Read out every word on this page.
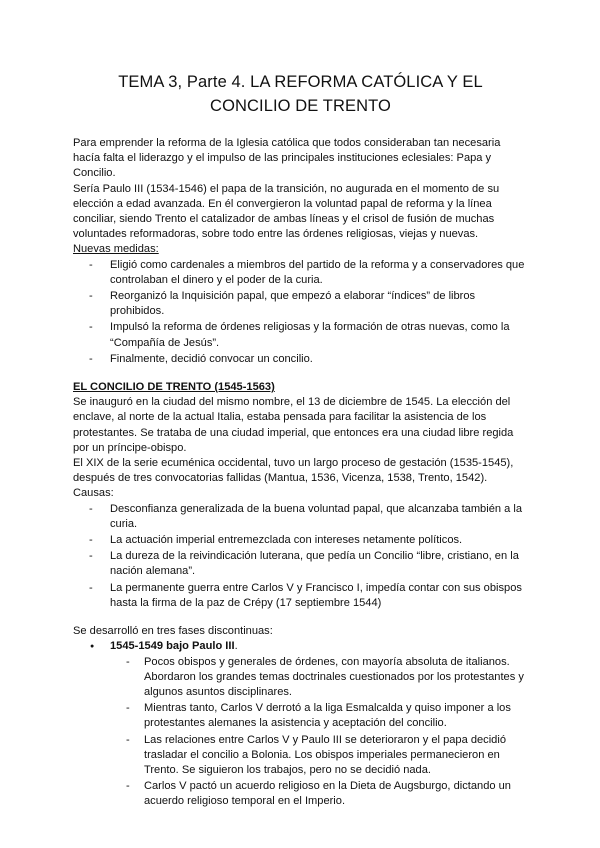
TEMA 3, Parte 4. LA REFORMA CATÓLICA Y EL
CONCILIO DE TRENTO

Para emprender la reforma de la Iglesia católica que todos consideraban tan necesaria hacía falta el liderazgo y el impulso de las principales instituciones eclesiales: Papa y Concilio.

Sería Paulo III (1534-1546) el papa de la transición, no augurada en el momento de su elección a edad avanzada. En él convergieron la voluntad papal de reforma y la línea conciliar, siendo Trento el catalizador de ambas líneas y el crisol de fusión de muchas voluntades reformadoras, sobre todo entre las órdenes religiosas, viejas y nuevas.

Nuevas medidas:

- Eligió como cardenales a miembros del partido de la reforma y a conservadores que controlaban el dinero y el poder de la curia.
- Reorganizó la Inquisición papal, que empezó a elaborar “índices” de libros prohibidos.
- Impulsó la reforma de órdenes religiosas y la formación de otras nuevas, como la “Compañía de Jesús”.
- Finalmente, decidió convocar un concilio.

EL CONCILIO DE TRENTO (1545-1563)

Se inauguró en la ciudad del mismo nombre, el 13 de diciembre de 1545. La elección del enclave, al norte de la actual Italia, estaba pensada para facilitar la asistencia de los protestantes. Se trataba de una ciudad imperial, que entonces era una ciudad libre regida por un príncipe-obispo.

El XIX de la serie ecuménica occidental, tuvo un largo proceso de gestación (1535-1545), después de tres convocatorias fallidas (Mantua, 1536, Vicenza, 1538, Trento, 1542).

Causas:

- Desconfianza generalizada de la buena voluntad papal, que alcanzaba también a la curia.
- La actuación imperial entremezclada con intereses netamente políticos.
- La dureza de la reivindicación luterana, que pedía un Concilio “libre, cristiano, en la nación alemana”.
- La permanente guerra entre Carlos V y Francisco I, impedía contar con sus obispos hasta la firma de la paz de Crépy (17 septiembre 1544)

Se desarrolló en tres fases discontinuas:

● 1545-1549 bajo Paulo III.
- Pocos obispos y generales de órdenes, con mayoría absoluta de italianos. Abordaron los grandes temas doctrinales cuestionados por los protestantes y algunos asuntos disciplinares.
- Mientras tanto, Carlos V derrotó a la liga Esmalcalda y quiso imponer a los protestantes alemanes la asistencia y aceptación del concilio.
- Las relaciones entre Carlos V y Paulo III se deterioraron y el papa decidió trasladar el concilio a Bolonia. Los obispos imperiales permanecieron en Trento. Se siguieron los trabajos, pero no se decidió nada.
- Carlos V pactó un acuerdo religioso en la Dieta de Augsburgo, dictando un acuerdo religioso temporal en el Imperio.
